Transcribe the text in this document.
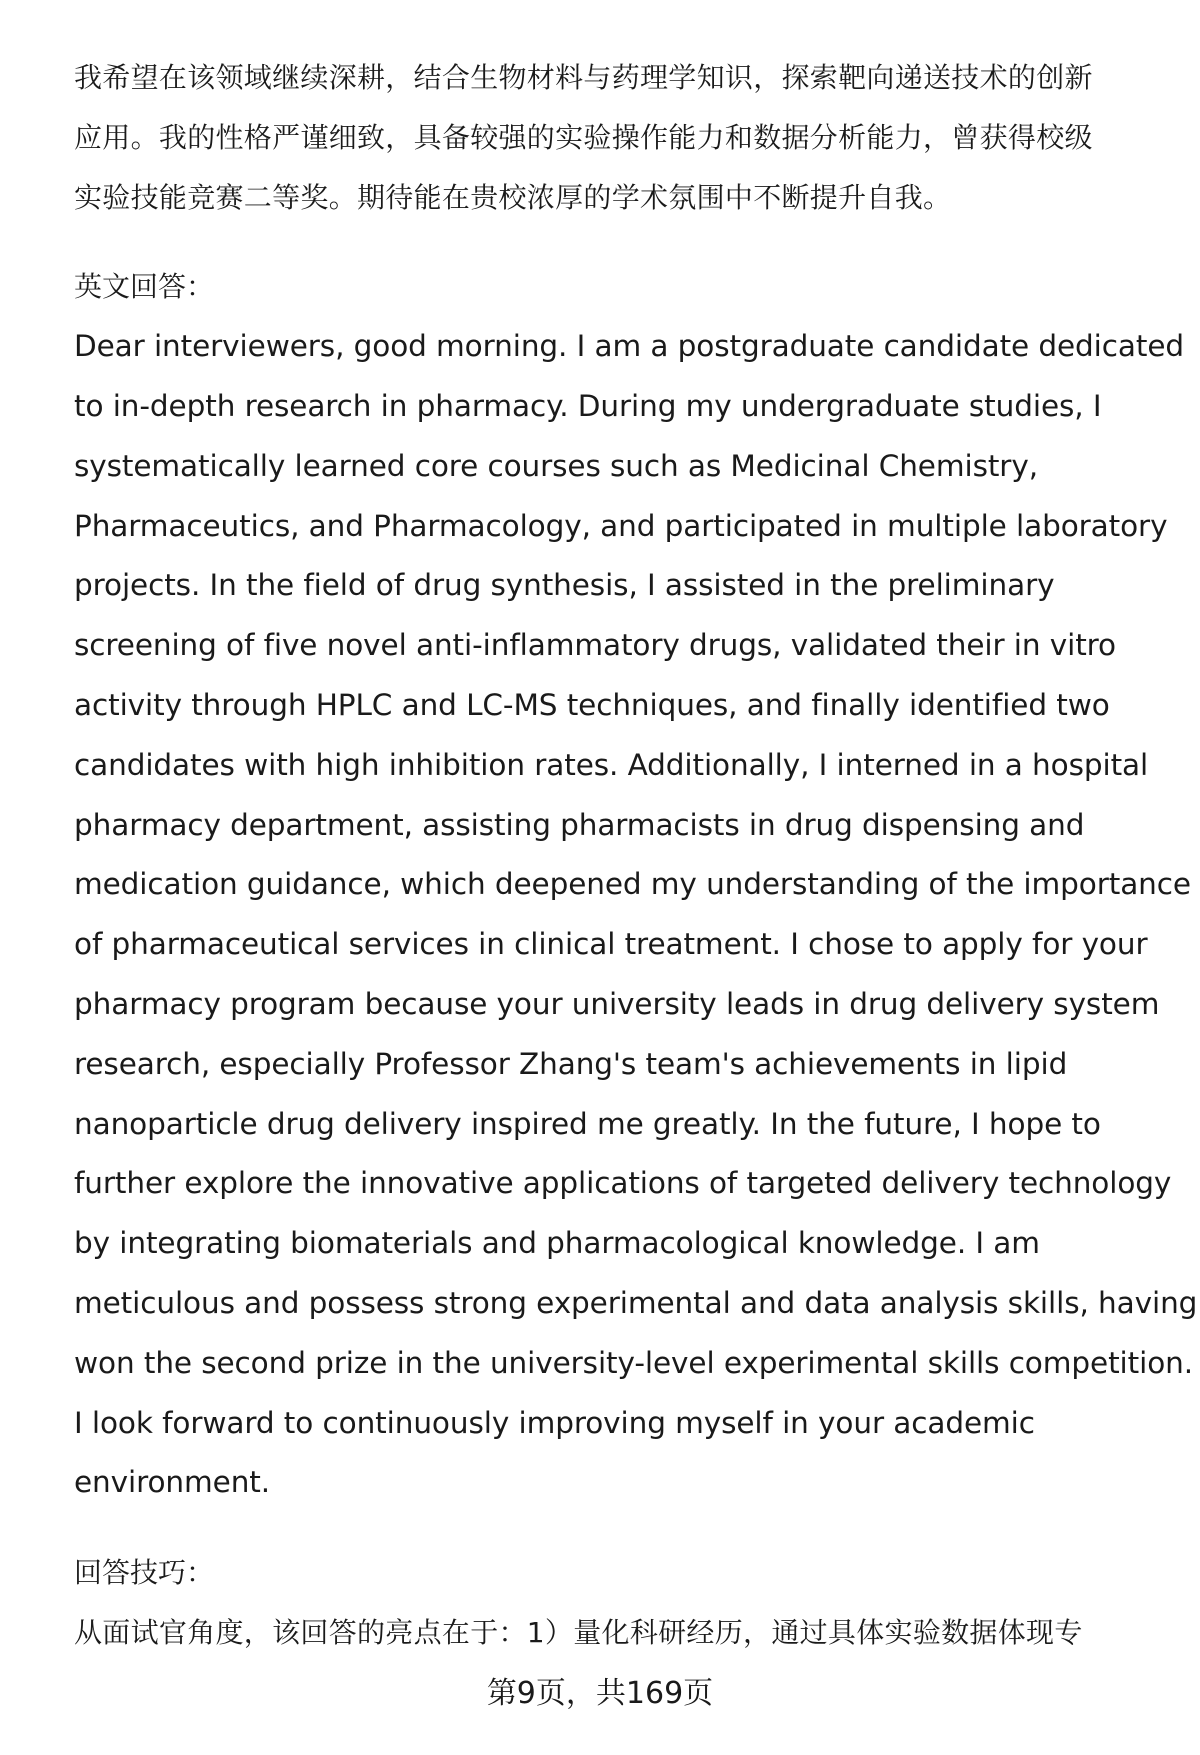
我希望在该领域继续深耕，结合生物材料与药理学知识，探索靶向递送技术的创新
应用。我的性格严谨细致，具备较强的实验操作能力和数据分析能力，曾获得校级
实验技能竞赛二等奖。期待能在贵校浓厚的学术氛围中不断提升自我。
英文回答：
Dear interviewers, good morning. I am a postgraduate candidate dedicated
to in-depth research in pharmacy. During my undergraduate studies, I
systematically learned core courses such as Medicinal Chemistry,
Pharmaceutics, and Pharmacology, and participated in multiple laboratory
projects. In the field of drug synthesis, I assisted in the preliminary
screening of five novel anti-inflammatory drugs, validated their in vitro
activity through HPLC and LC-MS techniques, and finally identified two
candidates with high inhibition rates. Additionally, I interned in a hospital
pharmacy department, assisting pharmacists in drug dispensing and
medication guidance, which deepened my understanding of the importance
of pharmaceutical services in clinical treatment. I chose to apply for your
pharmacy program because your university leads in drug delivery system
research, especially Professor Zhang's team's achievements in lipid
nanoparticle drug delivery inspired me greatly. In the future, I hope to
further explore the innovative applications of targeted delivery technology
by integrating biomaterials and pharmacological knowledge. I am
meticulous and possess strong experimental and data analysis skills, having
won the second prize in the university-level experimental skills competition.
I look forward to continuously improving myself in your academic
environment.
回答技巧：
从面试官角度，该回答的亮点在于：1）量化科研经历，通过具体实验数据体现专
第9页，共169页
